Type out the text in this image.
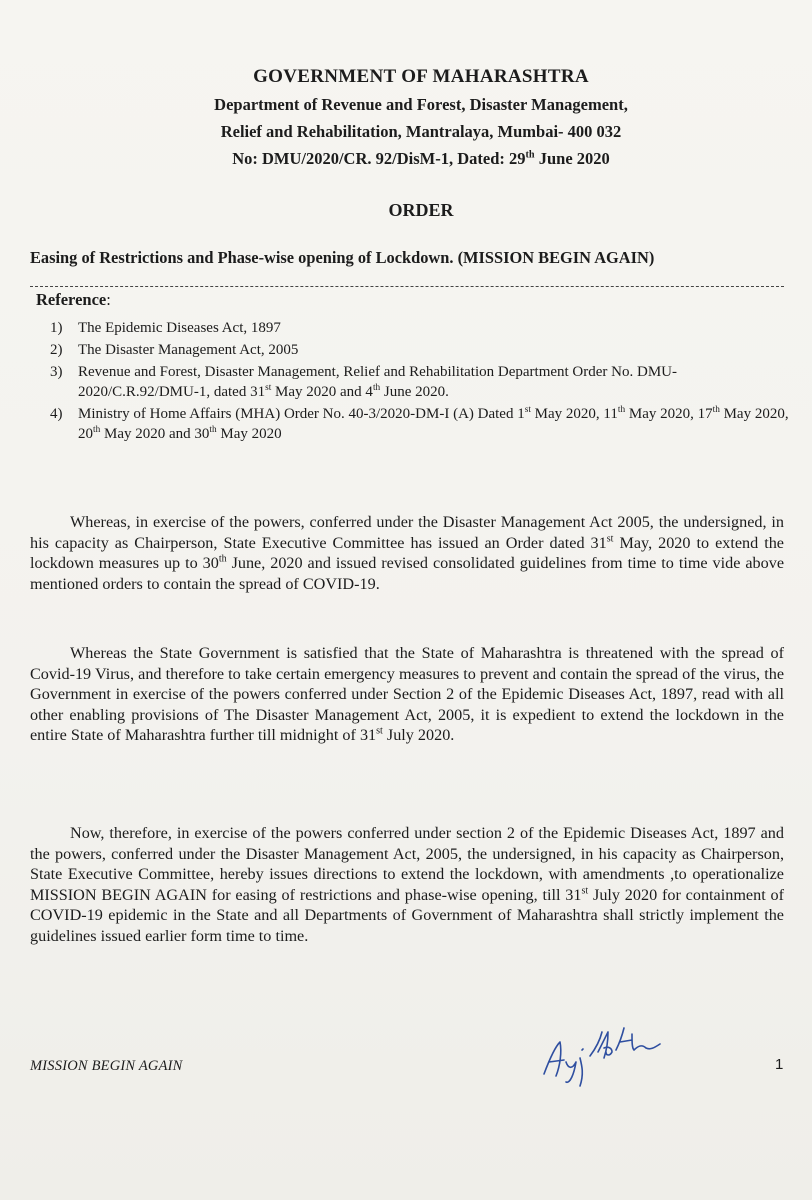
GOVERNMENT OF MAHARASHTRA
Department of Revenue and Forest, Disaster Management,
Relief and Rehabilitation, Mantralaya, Mumbai- 400 032
No: DMU/2020/CR. 92/DisM-1, Dated: 29th June 2020
ORDER
Easing of Restrictions and Phase-wise opening of Lockdown. (MISSION BEGIN AGAIN)
Reference:
1)	The Epidemic Diseases Act, 1897
2)	The Disaster Management Act, 2005
3)	Revenue and Forest, Disaster Management, Relief and Rehabilitation Department Order No. DMU-2020/C.R.92/DMU-1, dated 31st May 2020 and 4th June 2020.
4)	Ministry of Home Affairs (MHA) Order No. 40-3/2020-DM-I (A) Dated 1st May 2020, 11th May 2020, 17th May 2020, 20th May 2020 and 30th May 2020
Whereas, in exercise of the powers, conferred under the Disaster Management Act 2005, the undersigned, in his capacity as Chairperson, State Executive Committee has issued an Order dated 31st May, 2020 to extend the lockdown measures up to 30th June, 2020 and issued revised consolidated guidelines from time to time vide above mentioned orders to contain the spread of COVID-19.
Whereas the State Government is satisfied that the State of Maharashtra is threatened with the spread of Covid-19 Virus, and therefore to take certain emergency measures to prevent and contain the spread of the virus, the Government in exercise of the powers conferred under Section 2 of the Epidemic Diseases Act, 1897, read with all other enabling provisions of The Disaster Management Act, 2005, it is expedient to extend the lockdown in the entire State of Maharashtra further till midnight of 31st July 2020.
Now, therefore, in exercise of the powers conferred under section 2 of the Epidemic Diseases Act, 1897 and the powers, conferred under the Disaster Management Act, 2005, the undersigned, in his capacity as Chairperson, State Executive Committee, hereby issues directions to extend the lockdown, with amendments ,to operationalize MISSION BEGIN AGAIN for easing of restrictions and phase-wise opening, till 31st July 2020 for containment of COVID-19 epidemic in the State and all Departments of Government of Maharashtra shall strictly implement the guidelines issued earlier form time to time.
MISSION BEGIN AGAIN	1
